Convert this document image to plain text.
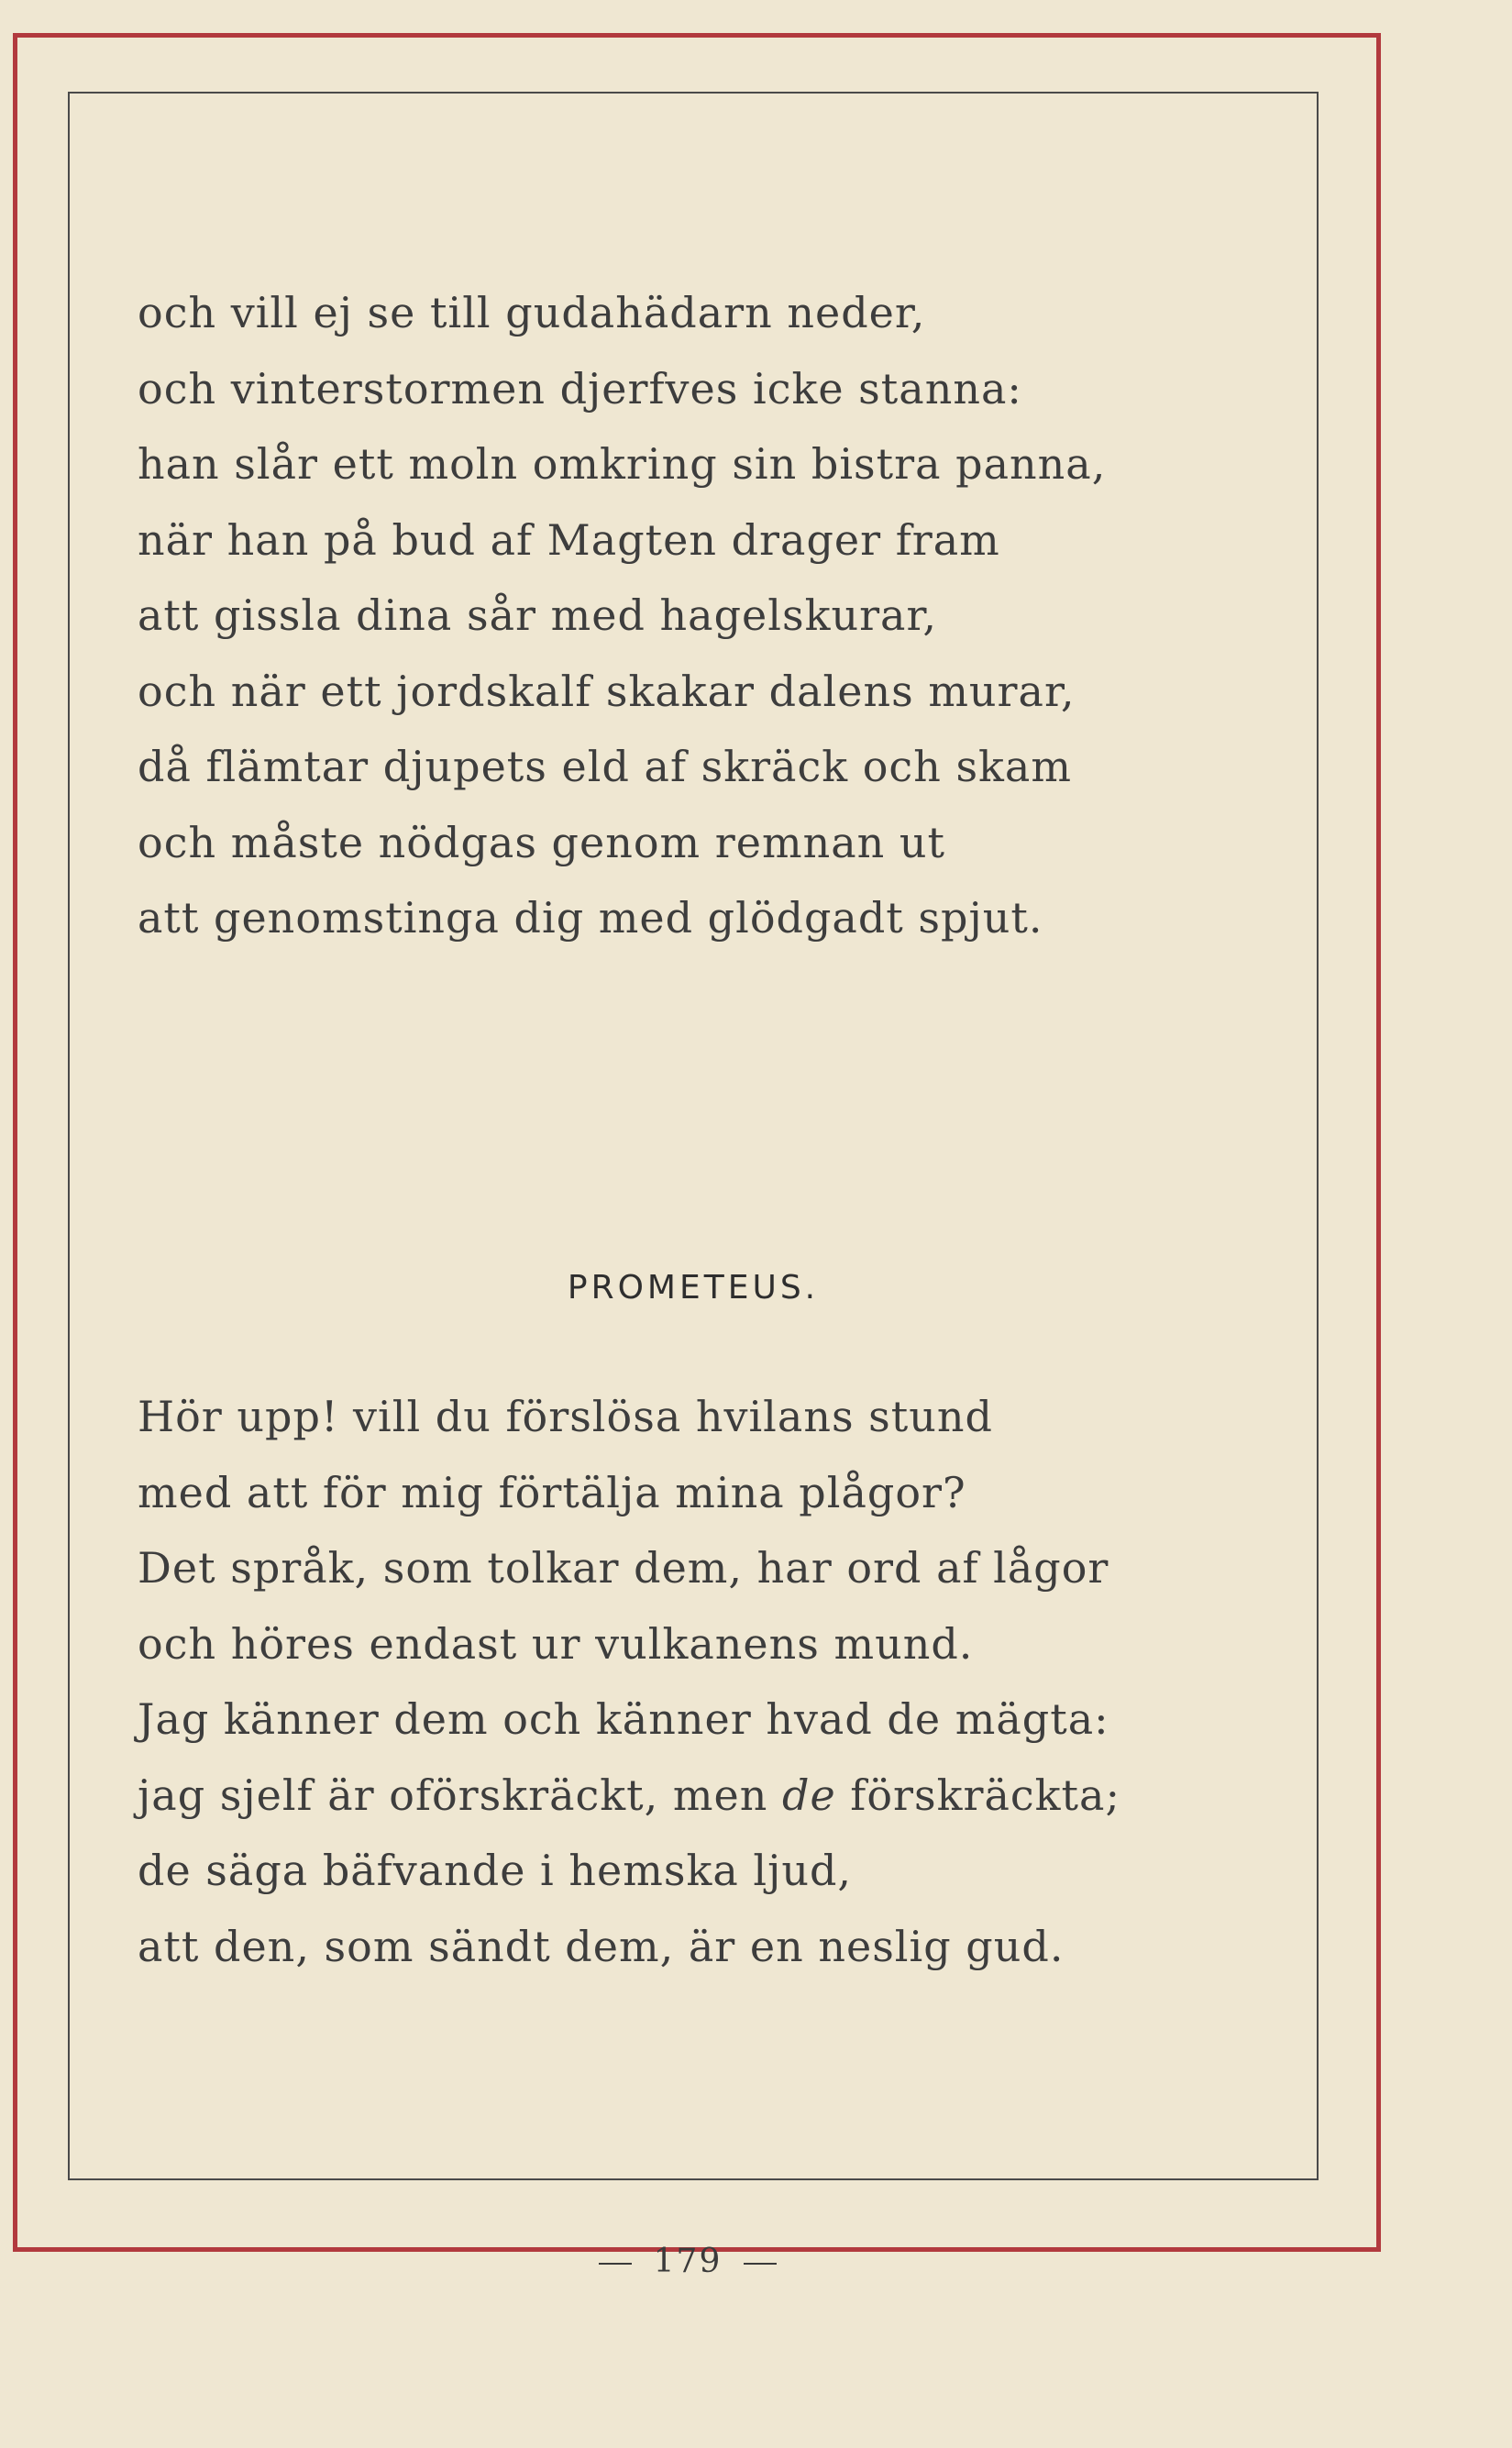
och vill ej se till gudahädarn neder,
och vinterstormen djerfves icke stanna:
han slår ett moln omkring sin bistra panna,
när han på bud af Magten drager fram
att gissla dina sår med hagelskurar,
och när ett jordskalf skakar dalens murar,
då flämtar djupets eld af skräck och skam
och måste nödgas genom remnan ut
att genomstinga dig med glödgadt spjut.
PROMETEUS.
Hör upp! vill du förslösa hvilans stund
med att för mig förtälja mina plågor?
Det språk, som tolkar dem, har ord af lågor
och höres endast ur vulkanens mund.
Jag känner dem och känner hvad de mägta:
jag sjelf är oförskräckt, men de förskräckta;
de säga bäfvande i hemska ljud,
att den, som sändt dem, är en neslig gud.
179
